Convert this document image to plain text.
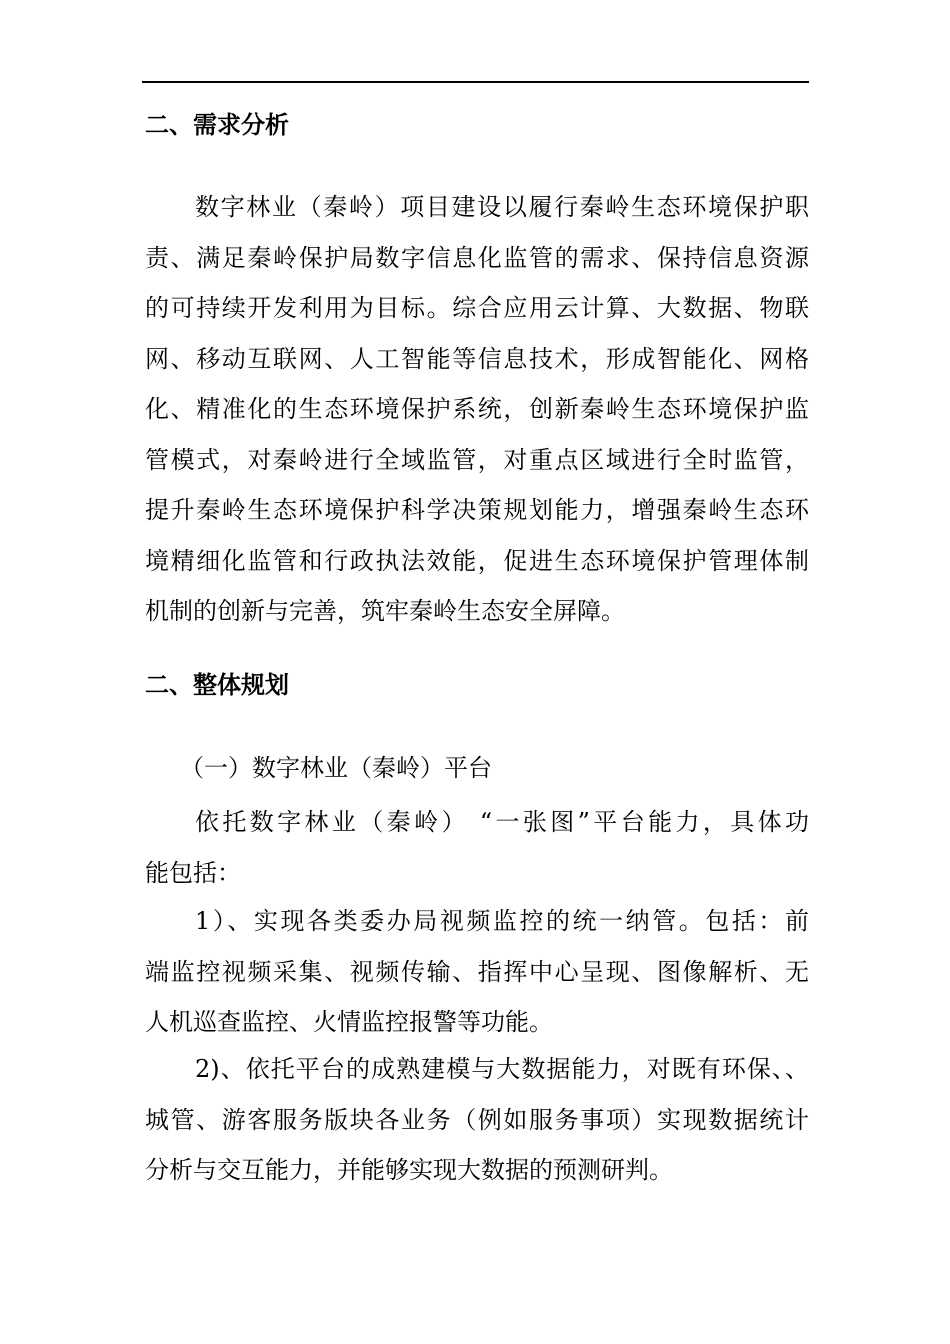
二、需求分析
数字林业（秦岭）项目建设以履行秦岭生态环境保护职
责、满足秦岭保护局数字信息化监管的需求、保持信息资源
的可持续开发利用为目标。综合应用云计算、大数据、物联
网、移动互联网、人工智能等信息技术，形成智能化、网格
化、精准化的生态环境保护系统，创新秦岭生态环境保护监
管模式，对秦岭进行全域监管，对重点区域进行全时监管，
提升秦岭生态环境保护科学决策规划能力，增强秦岭生态环
境精细化监管和行政执法效能，促进生态环境保护管理体制
机制的创新与完善，筑牢秦岭生态安全屏障。
二、整体规划
（一）数字林业（秦岭）平台
依托数字林业（秦岭） “一张图”平台能力，具体功
能包括：
1）、实现各类委办局视频监控的统一纳管。包括：前
端监控视频采集、视频传输、指挥中心呈现、图像解析、无
人机巡查监控、火情监控报警等功能。
2)、依托平台的成熟建模与大数据能力，对既有环保、、
城管、游客服务版块各业务（例如服务事项）实现数据统计
分析与交互能力，并能够实现大数据的预测研判。
